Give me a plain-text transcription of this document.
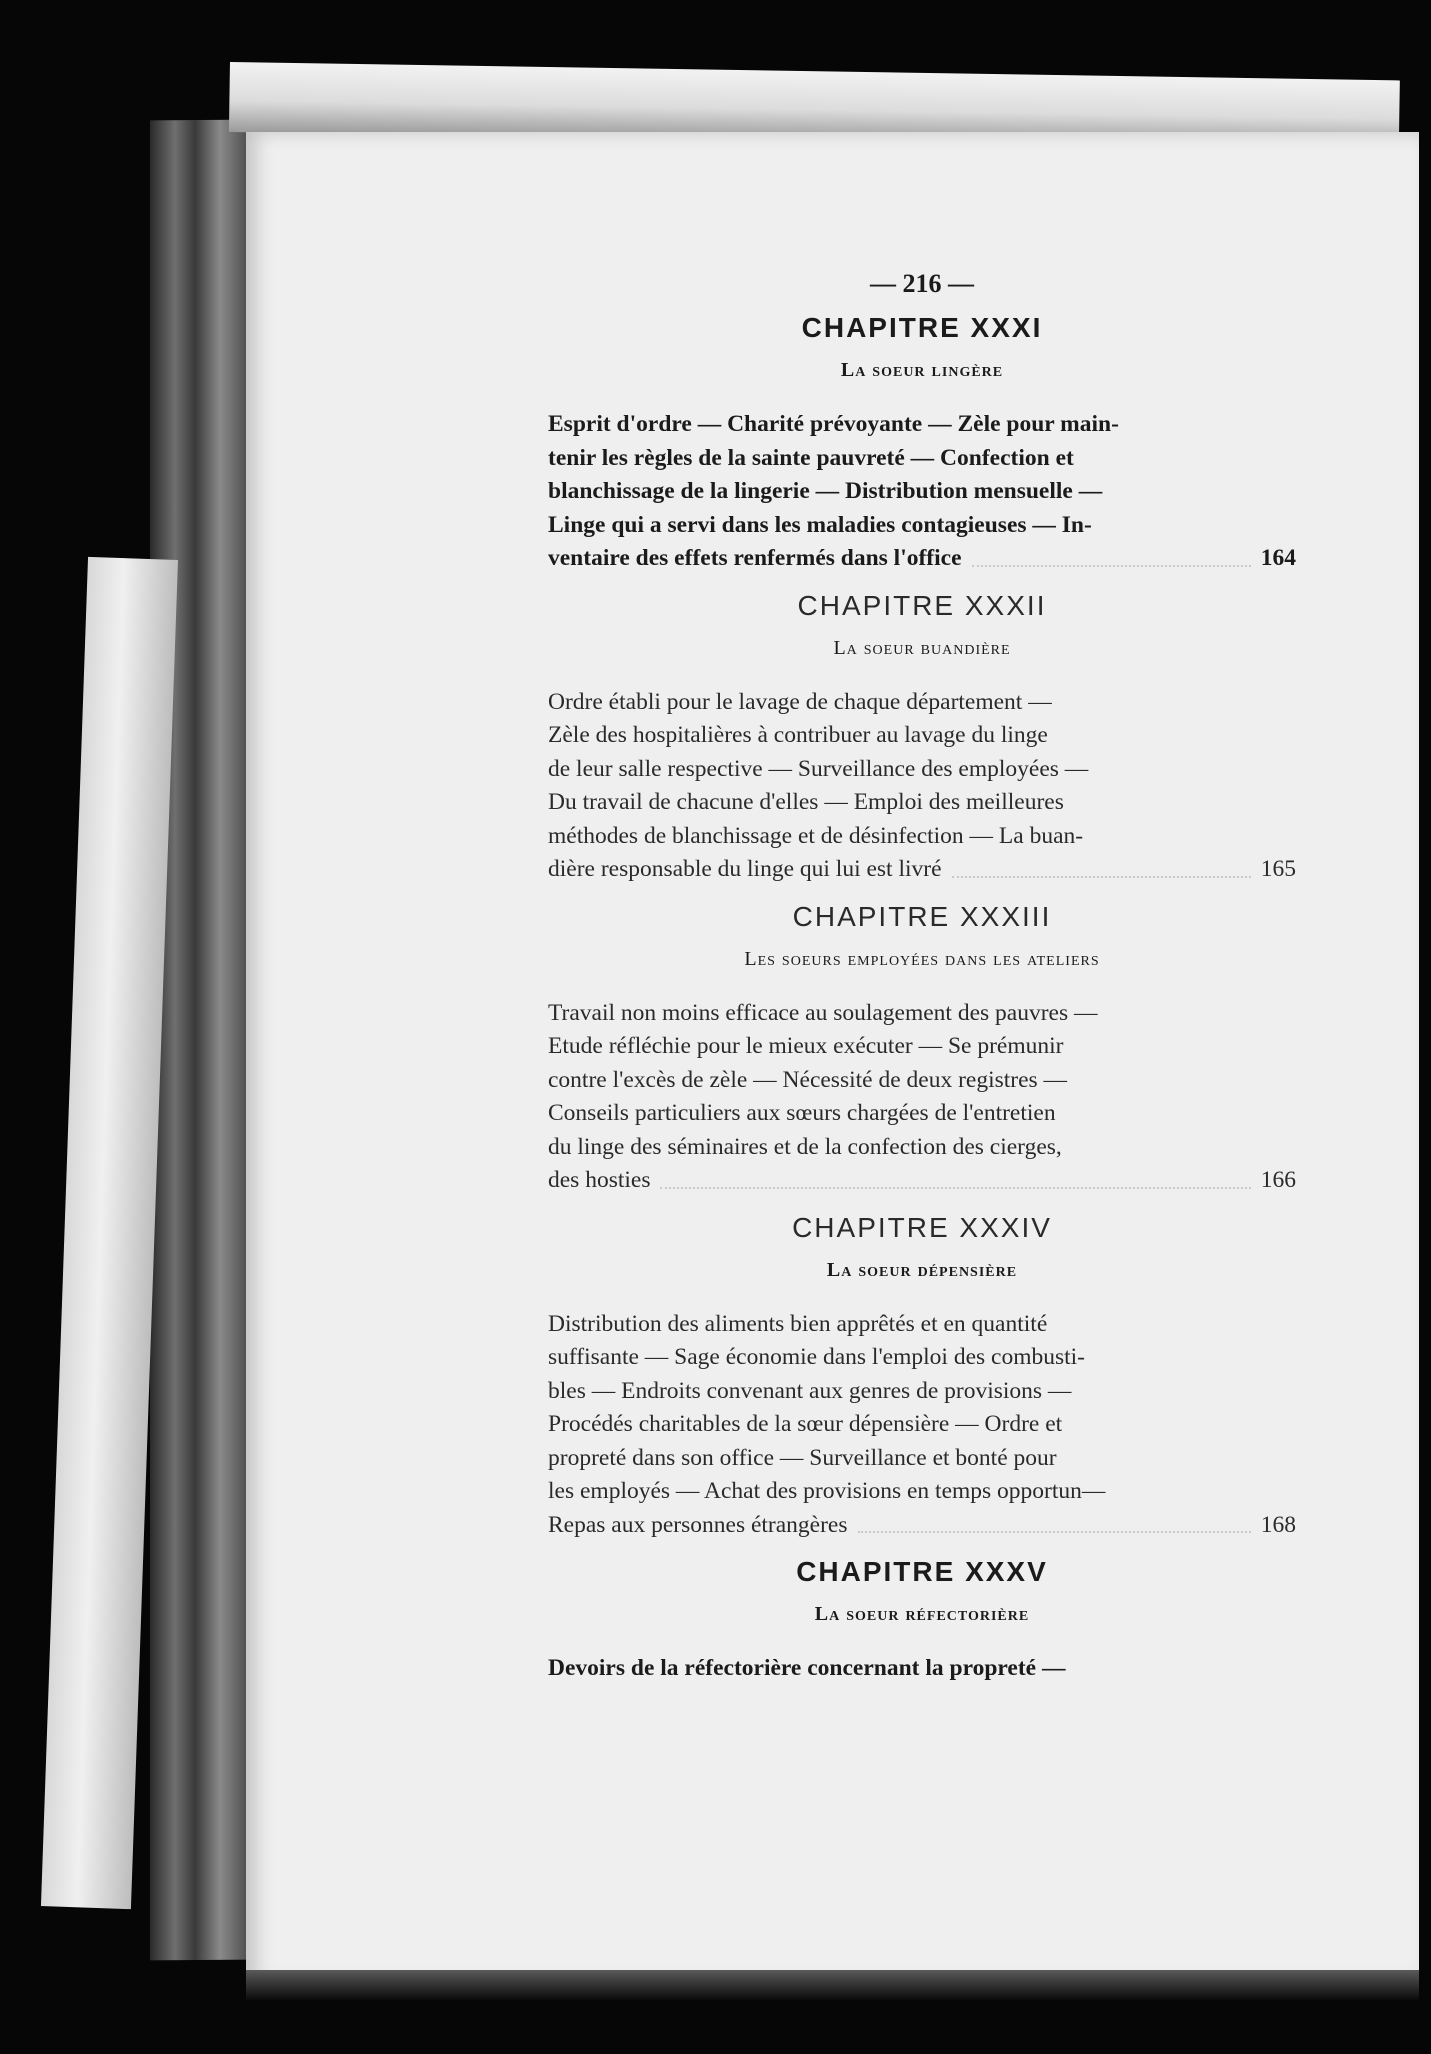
— 216 —

CHAPITRE XXXI

La soeur lingère

Esprit d'ordre — Charité prévoyante — Zèle pour main-
tenir les règles de la sainte pauvreté — Confection et
blanchissage de la lingerie — Distribution mensuelle —
Linge qui a servi dans les maladies contagieuses — In-
ventaire des effets renfermés dans l'office	164

CHAPITRE XXXII

La soeur buandière

Ordre établi pour le lavage de chaque département —
Zèle des hospitalières à contribuer au lavage du linge
de leur salle respective — Surveillance des employées —
Du travail de chacune d'elles — Emploi des meilleures
méthodes de blanchissage et de désinfection — La buan-
dière responsable du linge qui lui est livré	165

CHAPITRE XXXIII

Les soeurs employées dans les ateliers

Travail non moins efficace au soulagement des pauvres —
Etude réfléchie pour le mieux exécuter — Se prémunir
contre l'excès de zèle — Nécessité de deux registres —
Conseils particuliers aux sœurs chargées de l'entretien
du linge des séminaires et de la confection des cierges,
des hosties	166

CHAPITRE XXXIV

La soeur dépensière

Distribution des aliments bien apprêtés et en quantité
suffisante — Sage économie dans l'emploi des combusti-
bles — Endroits convenant aux genres de provisions —
Procédés charitables de la sœur dépensière — Ordre et
propreté dans son office — Surveillance et bonté pour
les employés — Achat des provisions en temps opportun—
Repas aux personnes étrangères	168

CHAPITRE XXXV

La soeur réfectorière

Devoirs de la réfectorière concernant la propreté —
